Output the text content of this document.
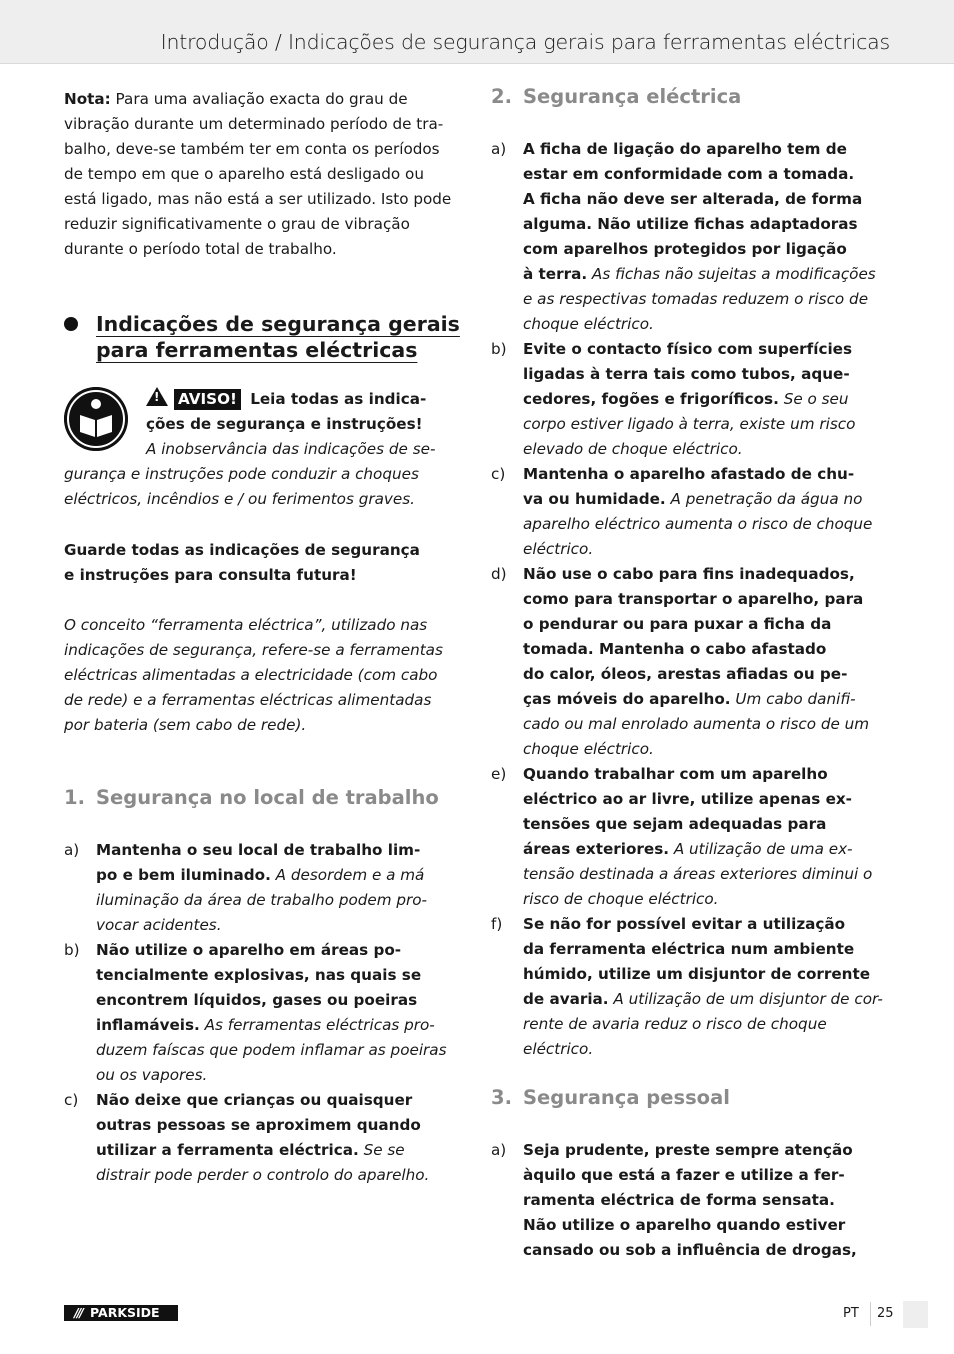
Introdução / Indicações de segurança gerais para ferramentas eléctricas
Nota: Para uma avaliação exacta do grau de
vibração durante um determinado período de tra-
balho, deve-se também ter em conta os períodos
de tempo em que o aparelho está desligado ou
está ligado, mas não está a ser utilizado. Isto pode
reduzir significativamente o grau de vibração
durante o período total de trabalho.
Indicações de segurança gerais
para ferramentas eléctricas
!AVISO! Leia todas as indica-
ções de segurança e instruções!
A inobservância das indicações de se-
gurança e instruções pode conduzir a choques
eléctricos, incêndios e / ou ferimentos graves.
Guarde todas as indicações de segurança
e instruções para consulta futura!
O conceito “ferramenta eléctrica”, utilizado nas
indicações de segurança, refere-se a ferramentas
eléctricas alimentadas a electricidade (com cabo
de rede) e a ferramentas eléctricas alimentadas
por bateria (sem cabo de rede).
1. Segurança no local de trabalho
a)	Mantenha o seu local de trabalho lim-
po e bem iluminado. A desordem e a má
iluminação da área de trabalho podem pro-
vocar acidentes.
b)	Não utilize o aparelho em áreas po-
tencialmente explosivas, nas quais se
encontrem líquidos, gases ou poeiras
inflamáveis. As ferramentas eléctricas pro-
duzem faíscas que podem inflamar as poeiras
ou os vapores.
c)	Não deixe que crianças ou quaisquer
outras pessoas se aproximem quando
utilizar a ferramenta eléctrica. Se se
distrair pode perder o controlo do aparelho.
2. Segurança eléctrica
a)	A ficha de ligação do aparelho tem de
estar em conformidade com a tomada.
A ficha não deve ser alterada, de forma
alguma. Não utilize fichas adaptadoras
com aparelhos protegidos por ligação
à terra. As fichas não sujeitas a modificações
e as respectivas tomadas reduzem o risco de
choque eléctrico.
b)	Evite o contacto físico com superfícies
ligadas à terra tais como tubos, aque-
cedores, fogões e frigoríficos. Se o seu
corpo estiver ligado à terra, existe um risco
elevado de choque eléctrico.
c)	Mantenha o aparelho afastado de chu-
va ou humidade. A penetração da água no
aparelho eléctrico aumenta o risco de choque
eléctrico.
d)	Não use o cabo para fins inadequados,
como para transportar o aparelho, para
o pendurar ou para puxar a ficha da
tomada. Mantenha o cabo afastado
do calor, óleos, arestas afiadas ou pe-
ças móveis do aparelho. Um cabo danifi-
cado ou mal enrolado aumenta o risco de um
choque eléctrico.
e)	Quando trabalhar com um aparelho
eléctrico ao ar livre, utilize apenas ex-
tensões que sejam adequadas para
áreas exteriores. A utilização de uma ex-
tensão destinada a áreas exteriores diminui o
risco de choque eléctrico.
f)	Se não for possível evitar a utilização
da ferramenta eléctrica num ambiente
húmido, utilize um disjuntor de corrente
de avaria. A utilização de um disjuntor de cor-
rente de avaria reduz o risco de choque eléctrico.
3. Segurança pessoal
a)	Seja prudente, preste sempre atenção
àquilo que está a fazer e utilize a fer-
ramenta eléctrica de forma sensata.
Não utilize o aparelho quando estiver
cansado ou sob a influência de drogas,
/// PARKSIDE	PT 25
